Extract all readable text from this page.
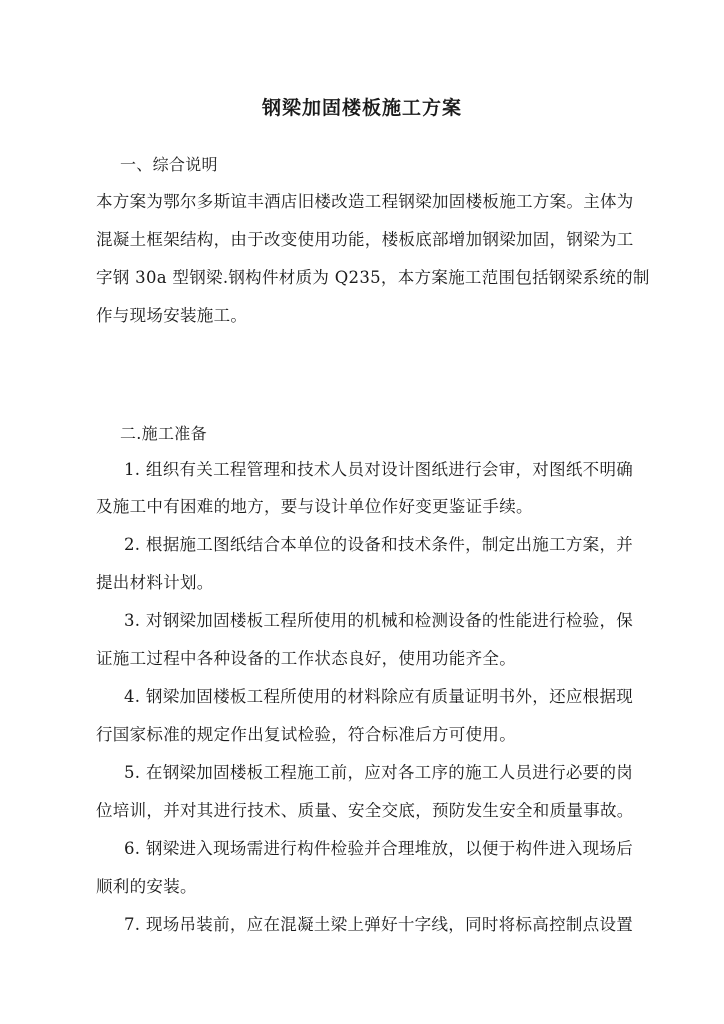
钢梁加固楼板施工方案
一、综合说明
本方案为鄂尔多斯谊丰酒店旧楼改造工程钢梁加固楼板施工方案。主体为
混凝土框架结构，由于改变使用功能，楼板底部增加钢梁加固，钢梁为工
字钢 30a 型钢梁.钢构件材质为 Q235，本方案施工范围包括钢梁系统的制
作与现场安装施工。
二.施工准备
1. 组织有关工程管理和技术人员对设计图纸进行会审，对图纸不明确
及施工中有困难的地方，要与设计单位作好变更鉴证手续。
2. 根据施工图纸结合本单位的设备和技术条件，制定出施工方案，并
提出材料计划。
3. 对钢梁加固楼板工程所使用的机械和检测设备的性能进行检验，保
证施工过程中各种设备的工作状态良好，使用功能齐全。
4. 钢梁加固楼板工程所使用的材料除应有质量证明书外，还应根据现
行国家标准的规定作出复试检验，符合标准后方可使用。
5. 在钢梁加固楼板工程施工前，应对各工序的施工人员进行必要的岗
位培训，并对其进行技术、质量、安全交底，预防发生安全和质量事故。
6. 钢梁进入现场需进行构件检验并合理堆放，以便于构件进入现场后
顺利的安装。
7. 现场吊装前，应在混凝土梁上弹好十字线，同时将标高控制点设置
